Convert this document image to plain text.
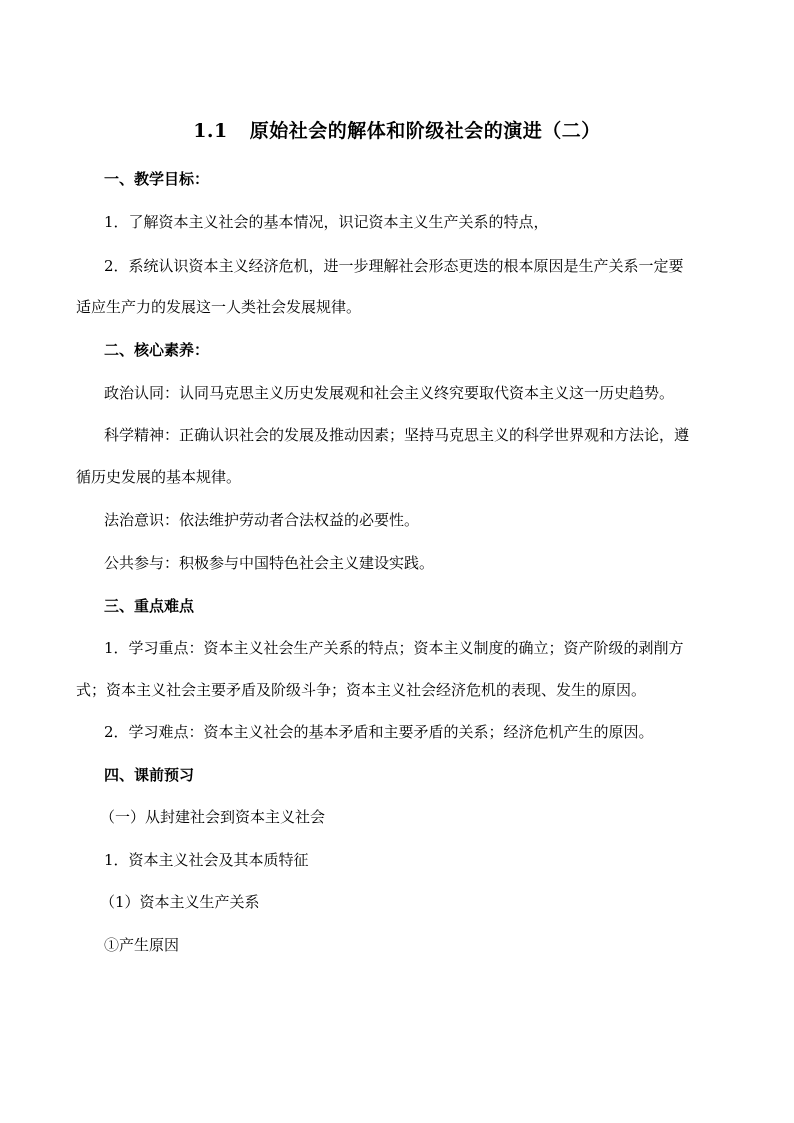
1.1 原始社会的解体和阶级社会的演进（二）
一、教学目标：
1．了解资本主义社会的基本情况，识记资本主义生产关系的特点，
2．系统认识资本主义经济危机，进一步理解社会形态更迭的根本原因是生产关系一定要
适应生产力的发展这一人类社会发展规律。
二、核心素养：
政治认同：认同马克思主义历史发展观和社会主义终究要取代资本主义这一历史趋势。
科学精神：正确认识社会的发展及推动因素；坚持马克思主义的科学世界观和方法论，遵
循历史发展的基本规律。
法治意识：依法维护劳动者合法权益的必要性。
公共参与：积极参与中国特色社会主义建设实践。
三、重点难点
1．学习重点：资本主义社会生产关系的特点；资本主义制度的确立；资产阶级的剥削方
式；资本主义社会主要矛盾及阶级斗争；资本主义社会经济危机的表现、发生的原因。
2．学习难点：资本主义社会的基本矛盾和主要矛盾的关系；经济危机产生的原因。
四、课前预习
（一）从封建社会到资本主义社会
1．资本主义社会及其本质特征
（1）资本主义生产关系
①产生原因
